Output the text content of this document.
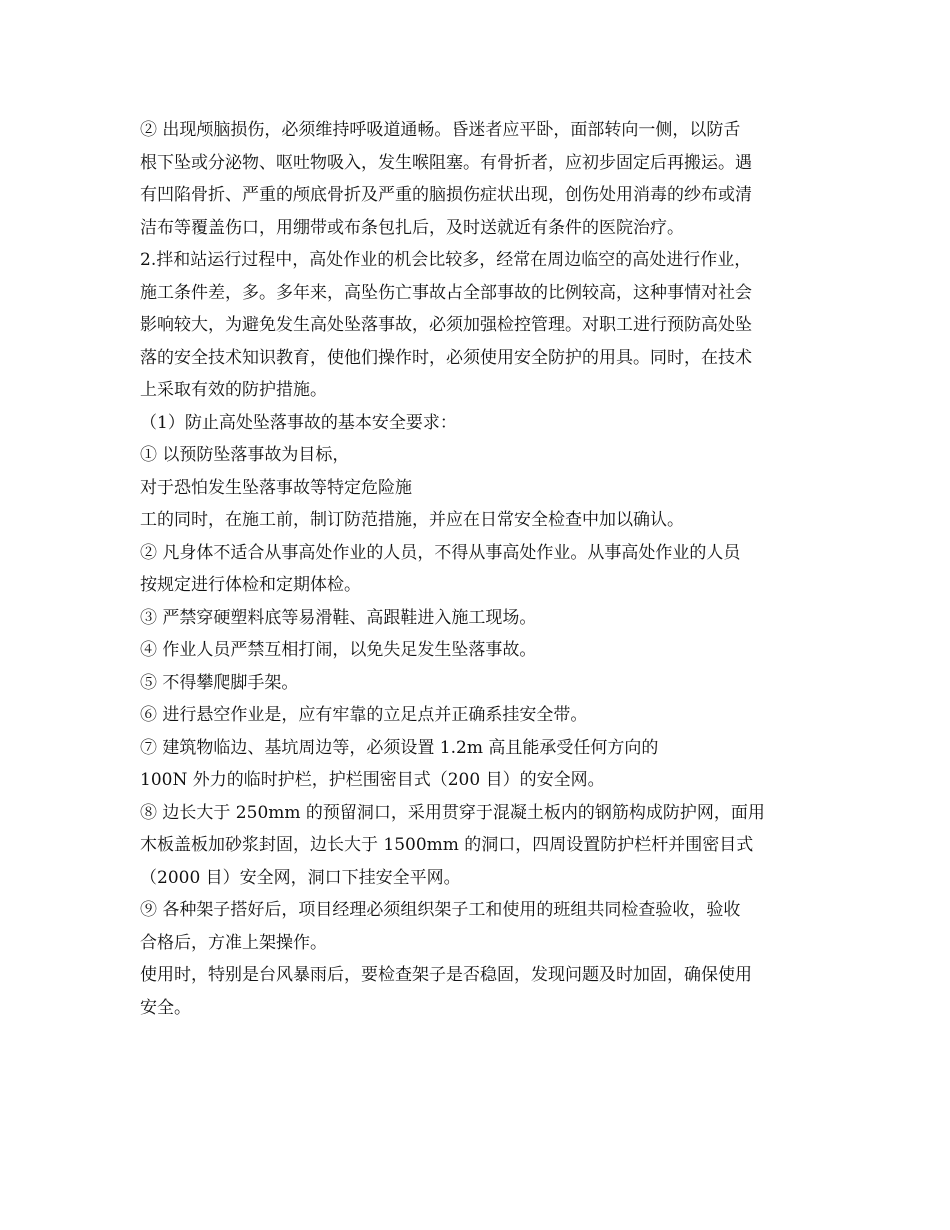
② 出现颅脑损伤，必须维持呼吸道通畅。昏迷者应平卧，面部转向一侧，以防舌
根下坠或分泌物、呕吐物吸入，发生喉阻塞。有骨折者，应初步固定后再搬运。遇
有凹陷骨折、严重的颅底骨折及严重的脑损伤症状出现，创伤处用消毒的纱布或清
洁布等覆盖伤口，用绷带或布条包扎后，及时送就近有条件的医院治疗。
2.拌和站运行过程中，高处作业的机会比较多，经常在周边临空的高处进行作业，
施工条件差，多。多年来，高坠伤亡事故占全部事故的比例较高，这种事情对社会
影响较大，为避免发生高处坠落事故，必须加强检控管理。对职工进行预防高处坠
落的安全技术知识教育，使他们操作时，必须使用安全防护的用具。同时，在技术
上采取有效的防护措施。
（1）防止高处坠落事故的基本安全要求：
① 以预防坠落事故为目标，
对于恐怕发生坠落事故等特定危险施
工的同时，在施工前，制订防范措施，并应在日常安全检查中加以确认。
② 凡身体不适合从事高处作业的人员，不得从事高处作业。从事高处作业的人员
按规定进行体检和定期体检。
③ 严禁穿硬塑料底等易滑鞋、高跟鞋进入施工现场。
④ 作业人员严禁互相打闹，以免失足发生坠落事故。
⑤ 不得攀爬脚手架。
⑥ 进行悬空作业是，应有牢靠的立足点并正确系挂安全带。
⑦ 建筑物临边、基坑周边等，必须设置 1.2m 高且能承受任何方向的
100N 外力的临时护栏，护栏围密目式（200 目）的安全网。
⑧ 边长大于 250mm 的预留洞口，采用贯穿于混凝土板内的钢筋构成防护网，面用
木板盖板加砂浆封固，边长大于 1500mm 的洞口，四周设置防护栏杆并围密目式
（2000 目）安全网，洞口下挂安全平网。
⑨ 各种架子搭好后，项目经理必须组织架子工和使用的班组共同检查验收，验收
合格后，方准上架操作。
使用时，特别是台风暴雨后，要检查架子是否稳固，发现问题及时加固，确保使用
安全。
